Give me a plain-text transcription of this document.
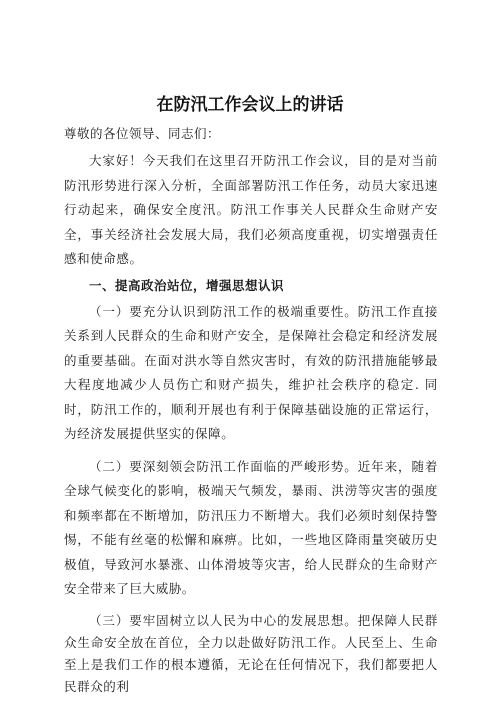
在防汛工作会议上的讲话

尊敬的各位领导、同志们：

大家好！今天我们在这里召开防汛工作会议，目的是对当前防汛形势进行深入分析，全面部署防汛工作任务，动员大家迅速行动起来，确保安全度汛。防汛工作事关人民群众生命财产安全，事关经济社会发展大局，我们必须高度重视，切实增强责任感和使命感。

一、提高政治站位，增强思想认识

（一）要充分认识到防汛工作的极端重要性。防汛工作直接关系到人民群众的生命和财产安全，是保障社会稳定和经济发展的重要基础。在面对洪水等自然灾害时，有效的防汛措施能够最大程度地减少人员伤亡和财产损失，维护社会秩序的稳定. 同时，防汛工作的，顺利开展也有利于保障基础设施的正常运行，为经济发展提供坚实的保障。

（二）要深刻领会防汛工作面临的严峻形势。近年来，随着全球气候变化的影响，极端天气频发，暴雨、洪涝等灾害的强度和频率都在不断增加，防汛压力不断增大。我们必须时刻保持警惕，不能有丝毫的松懈和麻痹。比如，一些地区降雨量突破历史极值，导致河水暴涨、山体滑坡等灾害，给人民群众的生命财产安全带来了巨大威胁。

（三）要牢固树立以人民为中心的发展思想。把保障人民群众生命安全放在首位，全力以赴做好防汛工作。人民至上、生命至上是我们工作的根本遵循，无论在任何情况下，我们都要把人民群众的利
